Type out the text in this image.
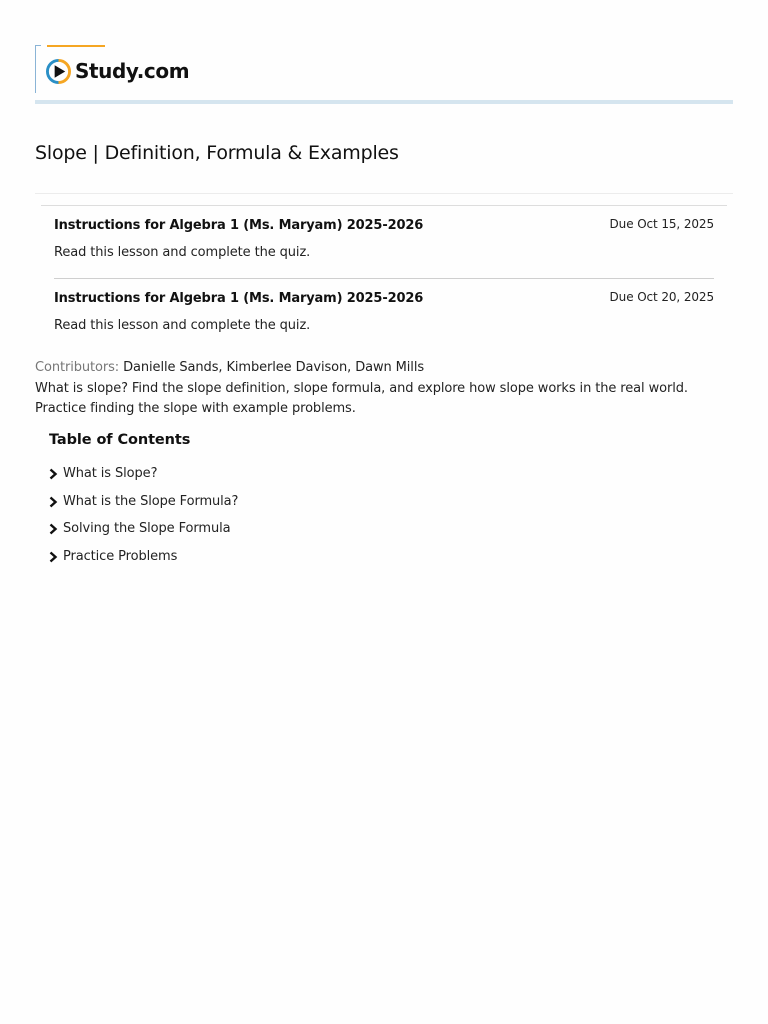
Study.com
Slope | Definition, Formula & Examples
Instructions for Algebra 1 (Ms. Maryam) 2025-2026	Due Oct 15, 2025
Read this lesson and complete the quiz.
Instructions for Algebra 1 (Ms. Maryam) 2025-2026	Due Oct 20, 2025
Read this lesson and complete the quiz.
Contributors: Danielle Sands, Kimberlee Davison, Dawn Mills

What is slope? Find the slope definition, slope formula, and explore how slope works in the real world. Practice finding the slope with example problems.

Table of Contents
What is Slope?
What is the Slope Formula?
Solving the Slope Formula
Practice Problems
